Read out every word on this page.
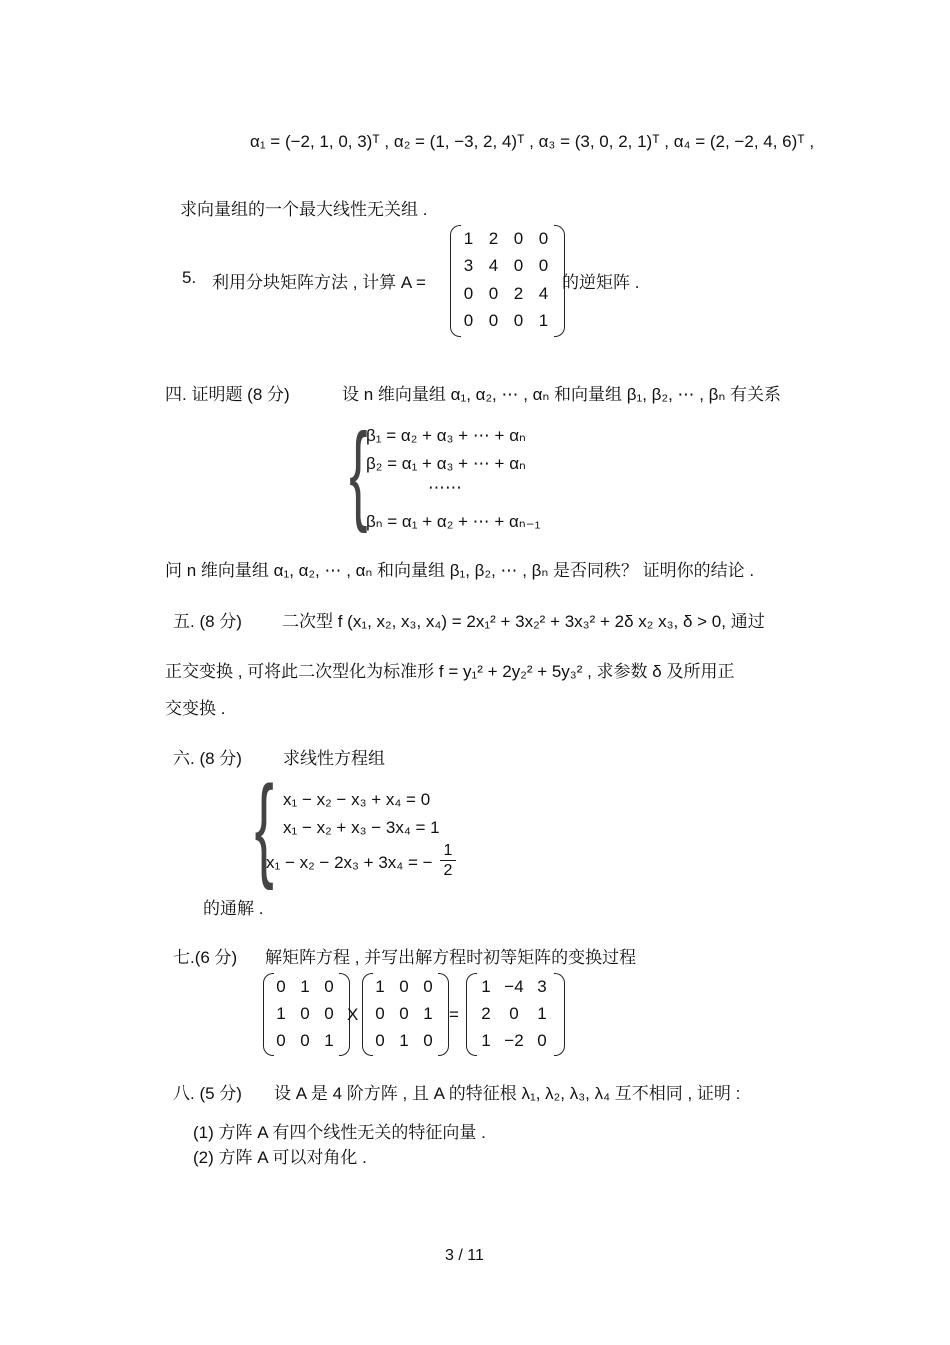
α₁ = (−2, 1, 0, 3)ᵀ , α₂ = (1, −3, 2, 4)ᵀ , α₃ = (3, 0, 2, 1)ᵀ , α₄ = (2, −2, 4, 6)ᵀ ,
求向量组的一个最大线性无关组 .
5. 利用分块矩阵方法 , 计算 A =
1 2 0 0
3 4 0 0
0 0 2 4
0 0 0 1
的逆矩阵 .
四. 证明题 (8 分)	设 n 维向量组 α₁, α₂, ⋯ , αₙ 和向量组 β₁, β₂, ⋯ , βₙ 有关系
{
β₁ = α₂ + α₃ + ⋯ + αₙ
β₂ = α₁ + α₃ + ⋯ + αₙ
⋯⋯
βₙ = α₁ + α₂ + ⋯ + αₙ₋₁
问 n 维向量组 α₁, α₂, ⋯ , αₙ 和向量组 β₁, β₂, ⋯ , βₙ 是否同秩？ 证明你的结论 .
五. (8 分) 二次型 f (x₁, x₂, x₃, x₄) = 2x₁² + 3x₂² + 3x₃² + 2δ x₂ x₃, δ > 0, 通过
正交变换 , 可将此二次型化为标准形 f = y₁² + 2y₂² + 5y₃² , 求参数 δ 及所用正
交变换 .
六. (8 分) 求线性方程组
{ x₁ − x₂ − x₃ + x₄ = 0
x₁ − x₂ + x₃ − 3x₄ = 1
x₁ − x₂ − 2x₃ + 3x₄ = −
1
2
的通解 .
七.(6 分) 解矩阵方程 , 并写出解方程时初等矩阵的变换过程
0 1 0
1 0 0
0 0 1
X
1 0 0
0 0 1
0 1 0
=
1 −4 3
2	0	1
1 −2 0
八. (5 分) 设 A 是 4 阶方阵 , 且 A 的特征根 λ₁, λ₂, λ₃, λ₄ 互不相同 , 证明 :
(1) 方阵 A 有四个线性无关的特征向量 .
(2) 方阵 A 可以对角化 .
3 / 11
